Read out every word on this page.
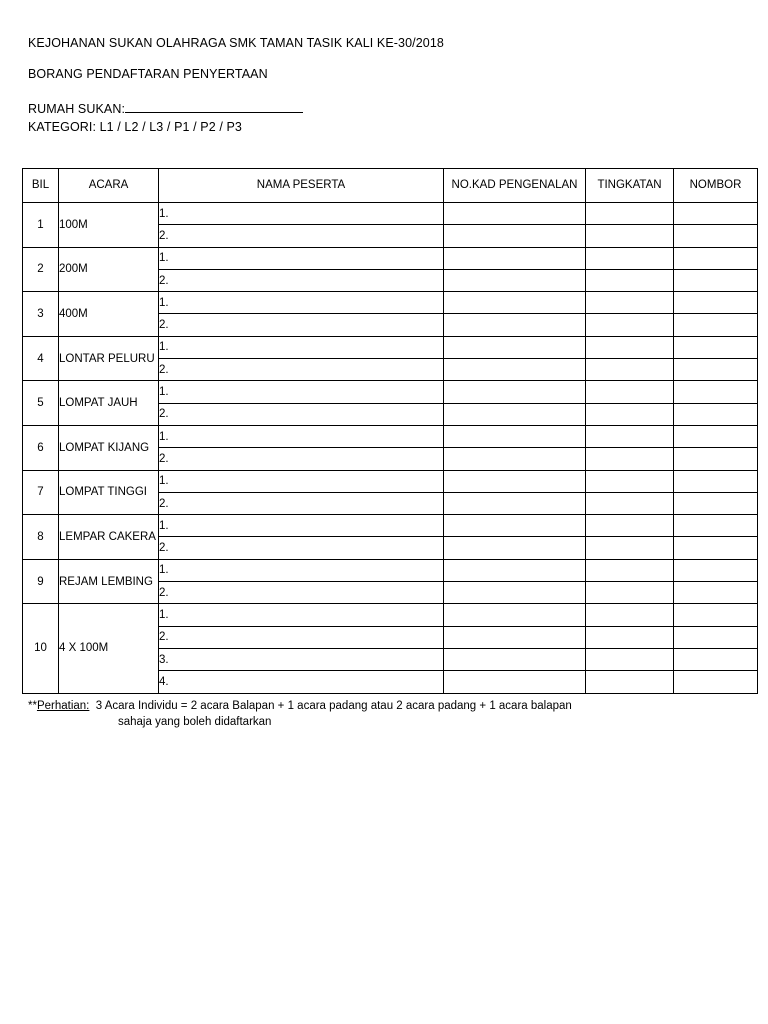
KEJOHANAN SUKAN OLAHRAGA SMK TAMAN TASIK KALI KE-30/2018
BORANG PENDAFTARAN PENYERTAAN
RUMAH SUKAN:
KATEGORI: L1 / L2 / L3 / P1 / P2 / P3
BIL	ACARA	NAMA PESERTA	NO.KAD PENGENALAN	TINGKATAN	NOMBOR
1	100M	1.			
		2.			
2	200M	1.			
		2.			
3	400M	1.			
		2.			
4	LONTAR PELURU	1.			
		2.			
5	LOMPAT JAUH	1.			
		2.			
6	LOMPAT KIJANG	1.			
		2.			
7	LOMPAT TINGGI	1.			
		2.			
8	LEMPAR CAKERA	1.			
		2.			
9	REJAM LEMBING	1.			
		2.			
10	4 X 100M	1.			
		2.			
		3.			
		4.			
**Perhatian: 3 Acara Individu = 2 acara Balapan + 1 acara padang atau 2 acara padang + 1 acara balapan
sahaja yang boleh didaftarkan
